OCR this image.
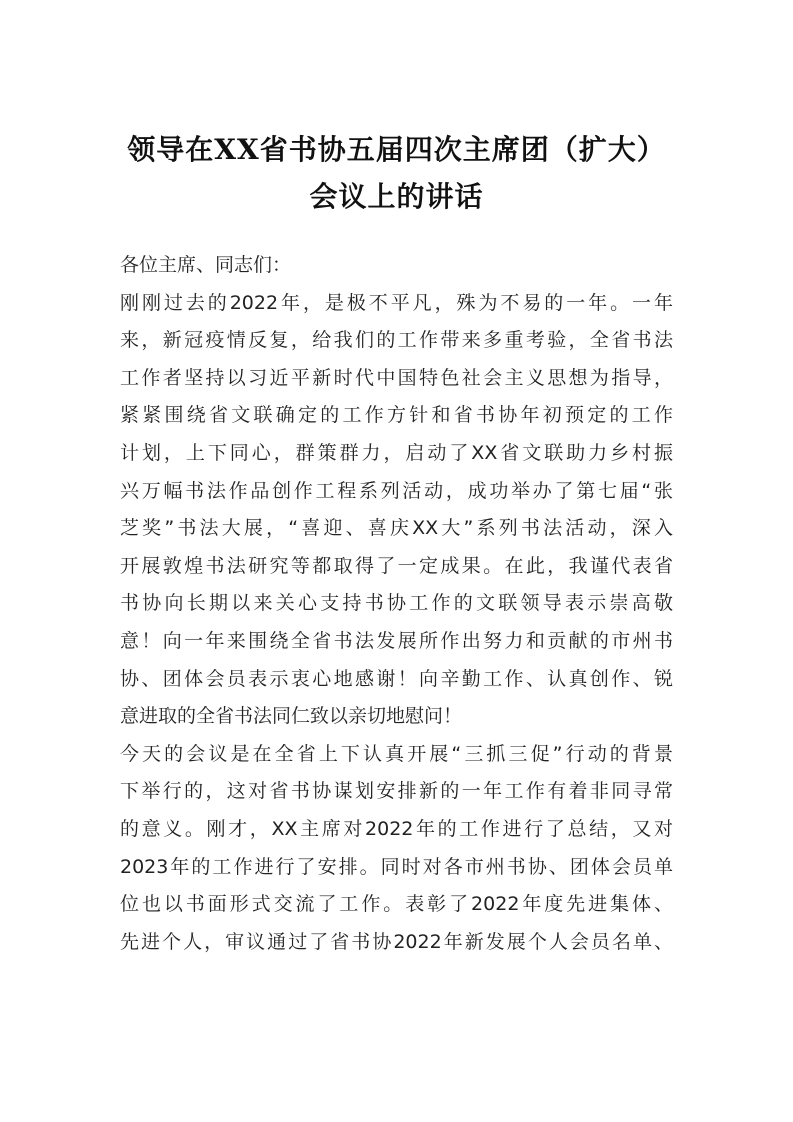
领导在XX省书协五届四次主席团（扩大）
会议上的讲话
各位主席、同志们：
刚刚过去的2022年，是极不平凡，殊为不易的一年。一年
来，新冠疫情反复，给我们的工作带来多重考验，全省书法
工作者坚持以习近平新时代中国特色社会主义思想为指导，
紧紧围绕省文联确定的工作方针和省书协年初预定的工作
计划，上下同心，群策群力，启动了XX省文联助力乡村振
兴万幅书法作品创作工程系列活动，成功举办了第七届“张
芝奖”书法大展，“喜迎、喜庆XX大”系列书法活动，深入
开展敦煌书法研究等都取得了一定成果。在此，我谨代表省
书协向长期以来关心支持书协工作的文联领导表示崇高敬
意！向一年来围绕全省书法发展所作出努力和贡献的市州书
协、团体会员表示衷心地感谢！向辛勤工作、认真创作、锐
意进取的全省书法同仁致以亲切地慰问！
今天的会议是在全省上下认真开展“三抓三促”行动的背景
下举行的，这对省书协谋划安排新的一年工作有着非同寻常
的意义。刚才，XX主席对2022年的工作进行了总结，又对
2023年的工作进行了安排。同时对各市州书协、团体会员单
位也以书面形式交流了工作。表彰了2022年度先进集体、
先进个人，审议通过了省书协2022年新发展个人会员名单、
